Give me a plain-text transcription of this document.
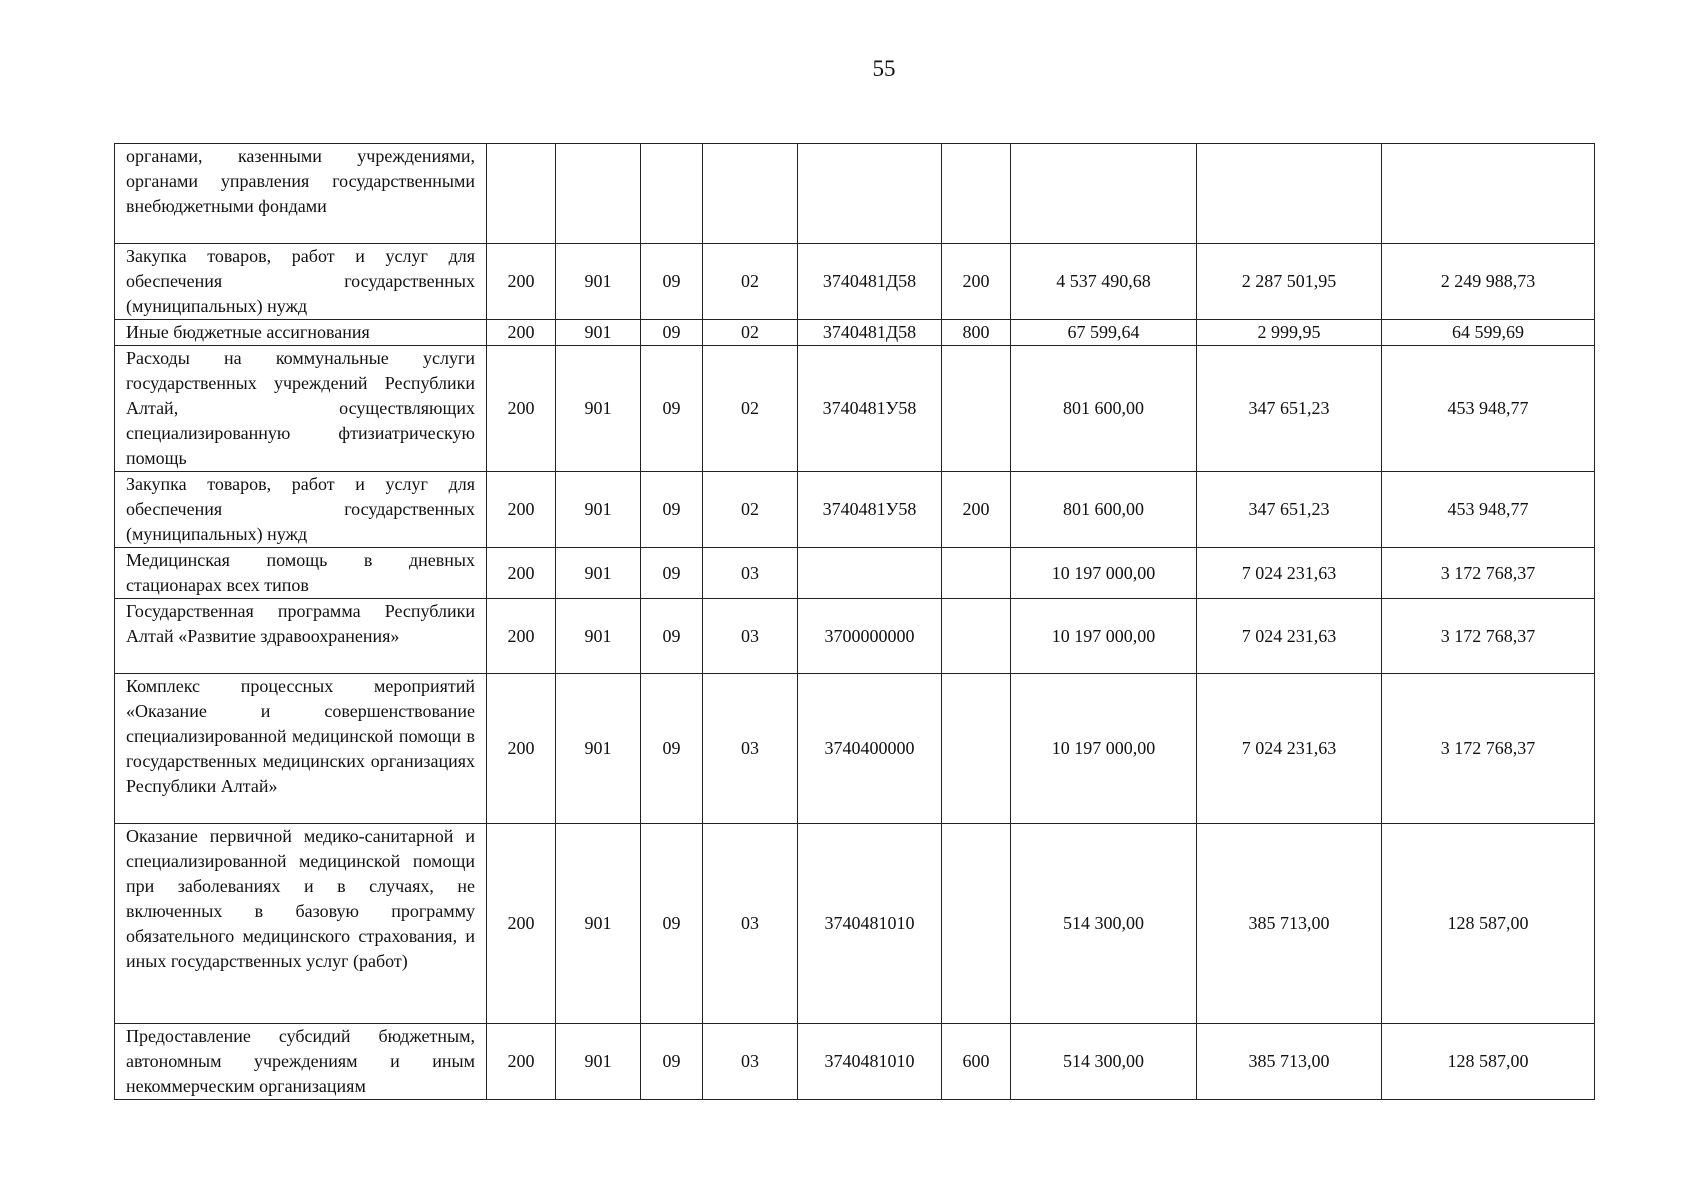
55
органами, казенными учреждениями, органами управления государственными внебюджетными фондами									
Закупка товаров, работ и услуг для обеспечения государственных (муниципальных) нужд	200	901	09	02	3740481Д58	200	4 537 490,68	2 287 501,95	2 249 988,73
Иные бюджетные ассигнования	200	901	09	02	3740481Д58	800	67 599,64	2 999,95	64 599,69
Расходы на коммунальные услуги государственных учреждений Республики Алтай, осуществляющих специализированную фтизиатрическую помощь	200	901	09	02	3740481У58		801 600,00	347 651,23	453 948,77
Закупка товаров, работ и услуг для обеспечения государственных (муниципальных) нужд	200	901	09	02	3740481У58	200	801 600,00	347 651,23	453 948,77
Медицинская помощь в дневных стационарах всех типов	200	901	09	03			10 197 000,00	7 024 231,63	3 172 768,37
Государственная программа Республики Алтай «Развитие здравоохранения»	200	901	09	03	3700000000		10 197 000,00	7 024 231,63	3 172 768,37
Комплекс процессных мероприятий «Оказание и совершенствование специализированной медицинской помощи в государственных медицинских организациях Республики Алтай»	200	901	09	03	3740400000		10 197 000,00	7 024 231,63	3 172 768,37
Оказание первичной медико-санитарной и специализированной медицинской помощи при заболеваниях и в случаях, не включенных в базовую программу обязательного медицинского страхования, и иных государственных услуг (работ)	200	901	09	03	3740481010		514 300,00	385 713,00	128 587,00
Предоставление субсидий бюджетным, автономным учреждениям и иным некоммерческим организациям	200	901	09	03	3740481010	600	514 300,00	385 713,00	128 587,00
